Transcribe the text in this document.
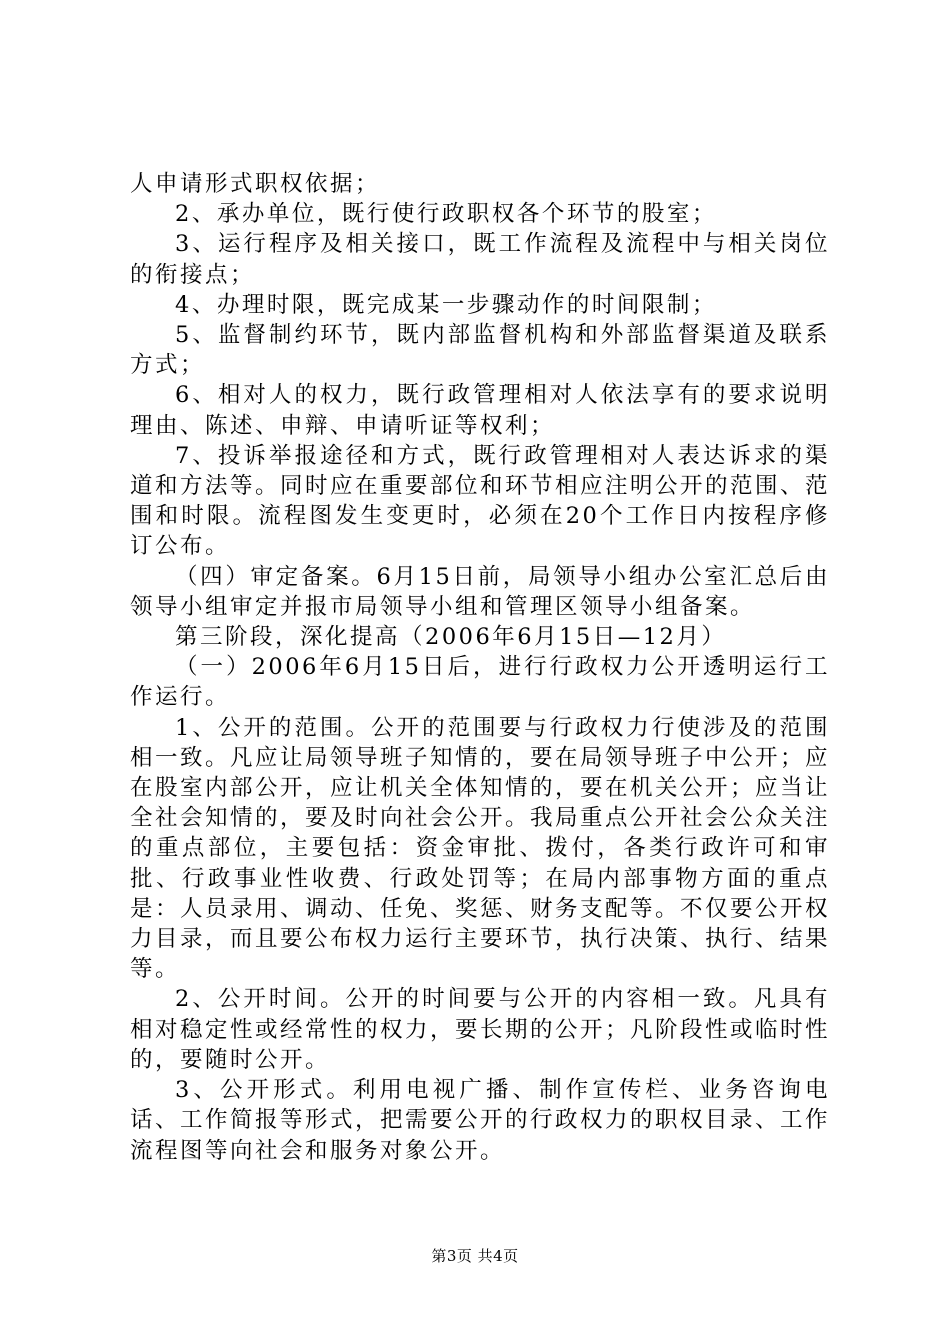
人申请形式职权依据；

2、承办单位，既行使行政职权各个环节的股室；

3、运行程序及相关接口，既工作流程及流程中与相关岗位的衔接点；

4、办理时限，既完成某一步骤动作的时间限制；

5、监督制约环节，既内部监督机构和外部监督渠道及联系方式；

6、相对人的权力，既行政管理相对人依法享有的要求说明理由、陈述、申辩、申请听证等权利；

7、投诉举报途径和方式，既行政管理相对人表达诉求的渠道和方法等。同时应在重要部位和环节相应注明公开的范围、范围和时限。流程图发生变更时，必须在20个工作日内按程序修订公布。

（四）审定备案。6月15日前，局领导小组办公室汇总后由领导小组审定并报市局领导小组和管理区领导小组备案。

第三阶段，深化提高（2006年6月15日—12月）

（一）2006年6月15日后，进行行政权力公开透明运行工作运行。

1、公开的范围。公开的范围要与行政权力行使涉及的范围相一致。凡应让局领导班子知情的，要在局领导班子中公开；应在股室内部公开，应让机关全体知情的，要在机关公开；应当让全社会知情的，要及时向社会公开。我局重点公开社会公众关注的重点部位，主要包括：资金审批、拨付，各类行政许可和审批、行政事业性收费、行政处罚等；在局内部事物方面的重点是：人员录用、调动、任免、奖惩、财务支配等。不仅要公开权力目录，而且要公布权力运行主要环节，执行决策、执行、结果等。

2、公开时间。公开的时间要与公开的内容相一致。凡具有相对稳定性或经常性的权力，要长期的公开；凡阶段性或临时性的，要随时公开。

3、公开形式。利用电视广播、制作宣传栏、业务咨询电话、工作简报等形式，把需要公开的行政权力的职权目录、工作流程图等向社会和服务对象公开。

第3页 共4页
